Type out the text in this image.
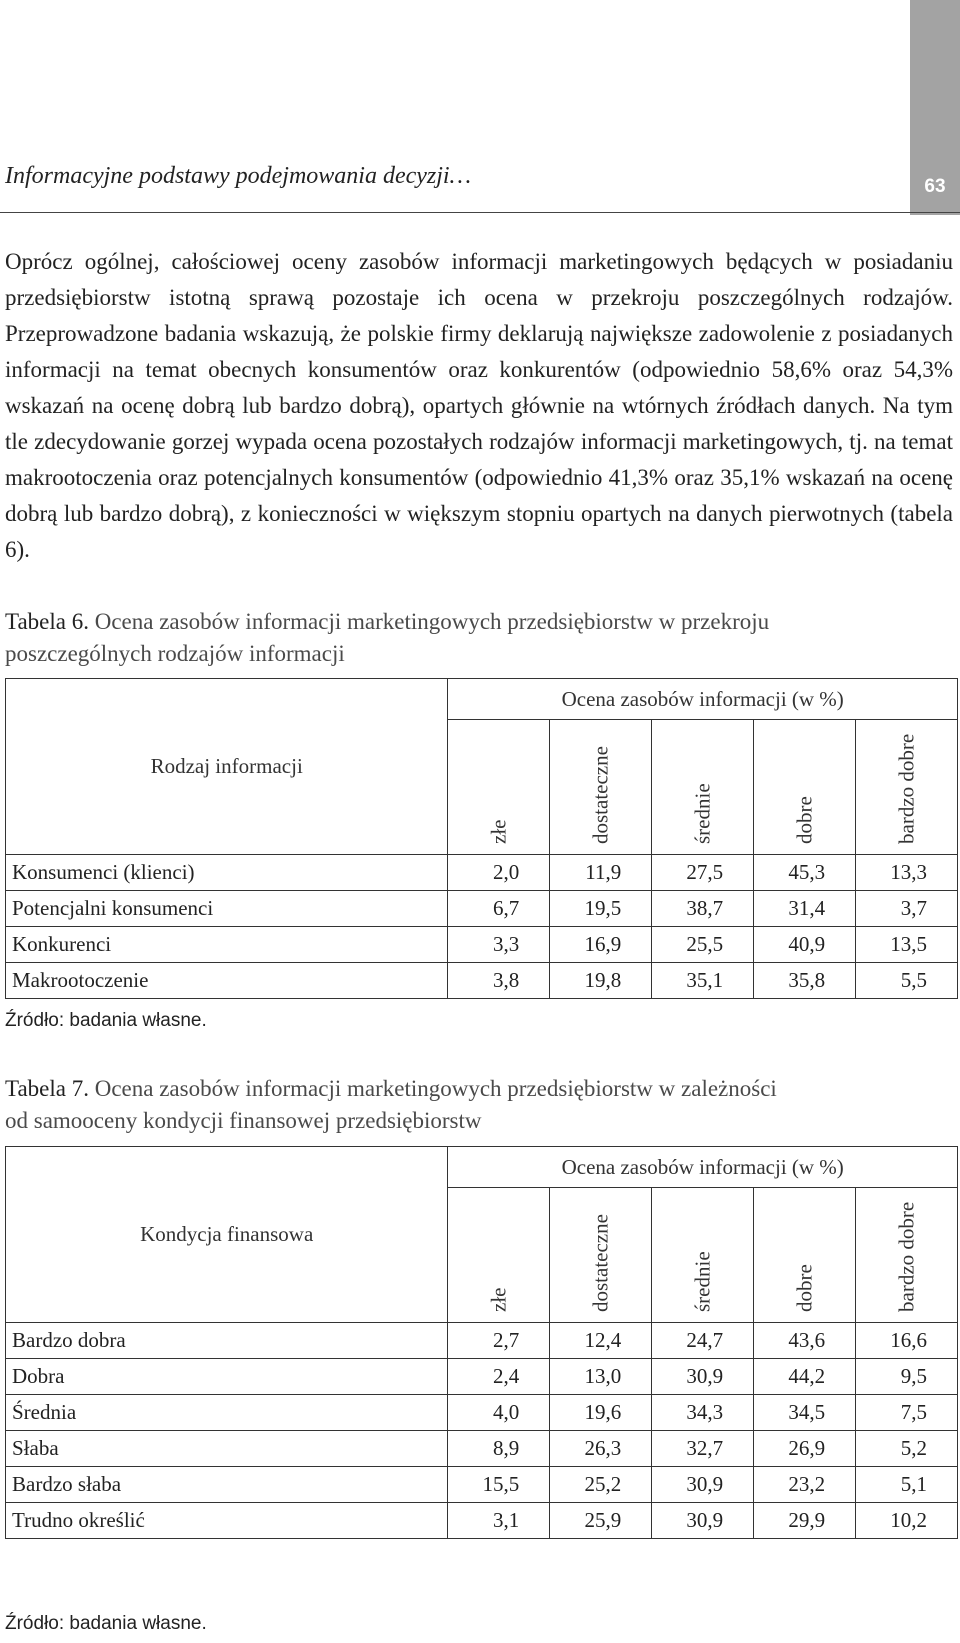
63
Informacyjne podstawy podejmowania decyzji…
Oprócz ogólnej, całościowej oceny zasobów informacji marketingowych będących w posiadaniu przedsiębiorstw istotną sprawą pozostaje ich ocena w przekroju poszczególnych rodzajów. Przeprowadzone badania wskazują, że polskie firmy deklarują największe zadowolenie z posiadanych informacji na temat obecnych konsumentów oraz konkurentów (odpowiednio 58,6% oraz 54,3% wskazań na ocenę dobrą lub bardzo dobrą), opartych głównie na wtórnych źródłach danych. Na tym tle zdecydowanie gorzej wypada ocena pozostałych rodzajów informacji marketingowych, tj. na temat makrootoczenia oraz potencjalnych konsumentów (odpowiednio 41,3% oraz 35,1% wskazań na ocenę dobrą lub bardzo dobrą), z konieczności w większym stopniu opartych na danych pierwotnych (tabela 6).
Tabela 6. Ocena zasobów informacji marketingowych przedsiębiorstw w przekroju
poszczególnych rodzajów informacji
Rodzaj informacji	Ocena zasobów informacji (w %)				

	złe	dostateczne	średnie	dobre	bardzo dobre

Konsumenci (klienci)	2,0	11,9	27,5	45,3	13,3
Potencjalni konsumenci	6,7	19,5	38,7	31,4	3,7
Konkurenci	3,3	16,9	25,5	40,9	13,5
Makrootoczenie	3,8	19,8	35,1	35,8	5,5
Źródło: badania własne.
Tabela 7. Ocena zasobów informacji marketingowych przedsiębiorstw w zależności
od samooceny kondycji finansowej przedsiębiorstw
Kondycja finansowa	Ocena zasobów informacji (w %)				

	złe	dostateczne	średnie	dobre	bardzo dobre

Bardzo dobra	2,7	12,4	24,7	43,6	16,6
Dobra	2,4	13,0	30,9	44,2	9,5
Średnia	4,0	19,6	34,3	34,5	7,5
Słaba	8,9	26,3	32,7	26,9	5,2
Bardzo słaba	15,5	25,2	30,9	23,2	5,1
Trudno określić	3,1	25,9	30,9	29,9	10,2
Źródło: badania własne.
